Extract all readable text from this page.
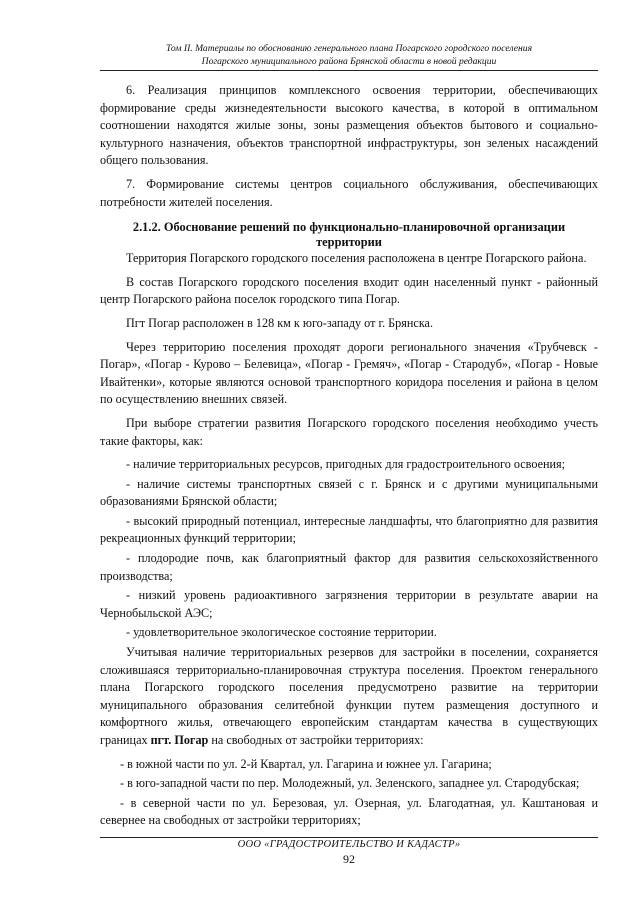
Том II. Материалы по обоснованию генерального плана Погарского городского поселения
Погарского муниципального района Брянской области в новой редакции

6. Реализация принципов комплексного освоения территории, обеспечивающих формирование среды жизнедеятельности высокого качества, в которой в оптимальном соотношении находятся жилые зоны, зоны размещения объектов бытового и социально-культурного назначения, объектов транспортной инфраструктуры, зон зеленых насаждений общего пользования.

7. Формирование системы центров социального обслуживания, обеспечивающих потребности жителей поселения.

2.1.2. Обоснование решений по функционально-планировочной организации территории

Территория Погарского городского поселения расположена в центре Погарского района.

В состав Погарского городского поселения входит один населенный пункт - районный центр Погарского района поселок городского типа Погар.

Пгт Погар расположен в 128 км к юго-западу от г. Брянска.

Через территорию поселения проходят дороги регионального значения «Трубчевск - Погар», «Погар - Курово – Белевица», «Погар - Гремяч», «Погар - Стародуб», «Погар - Новые Ивайтенки», которые являются основой транспортного коридора поселения и района в целом по осуществлению внешних связей.

При выборе стратегии развития Погарского городского поселения необходимо учесть такие факторы, как:

- наличие территориальных ресурсов, пригодных для градостроительного освоения;

- наличие системы транспортных связей с г. Брянск и с другими муниципальными образованиями Брянской области;

- высокий природный потенциал, интересные ландшафты, что благоприятно для развития рекреационных функций территории;

- плодородие почв, как благоприятный фактор для развития сельскохозяйственного производства;

- низкий уровень радиоактивного загрязнения территории в результате аварии на Чернобыльской АЭС;

- удовлетворительное экологическое состояние территории.

Учитывая наличие территориальных резервов для застройки в поселении, сохраняется сложившаяся территориально-планировочная структура поселения. Проектом генерального плана Погарского городского поселения предусмотрено развитие на территории муниципального образования селитебной функции путем размещения доступного и комфортного жилья, отвечающего европейским стандартам качества в существующих границах пгт. Погар на свободных от застройки территориях:

- в южной части по ул. 2-й Квартал, ул. Гагарина и южнее ул. Гагарина;

- в юго-западной части по пер. Молодежный, ул. Зеленского, западнее ул. Стародубская;

- в северной части по ул. Березовая, ул. Озерная, ул. Благодатная, ул. Каштановая и севернее на свободных от застройки территориях;

ООО «ГРАДОСТРОИТЕЛЬСТВО И КАДАСТР»
92
